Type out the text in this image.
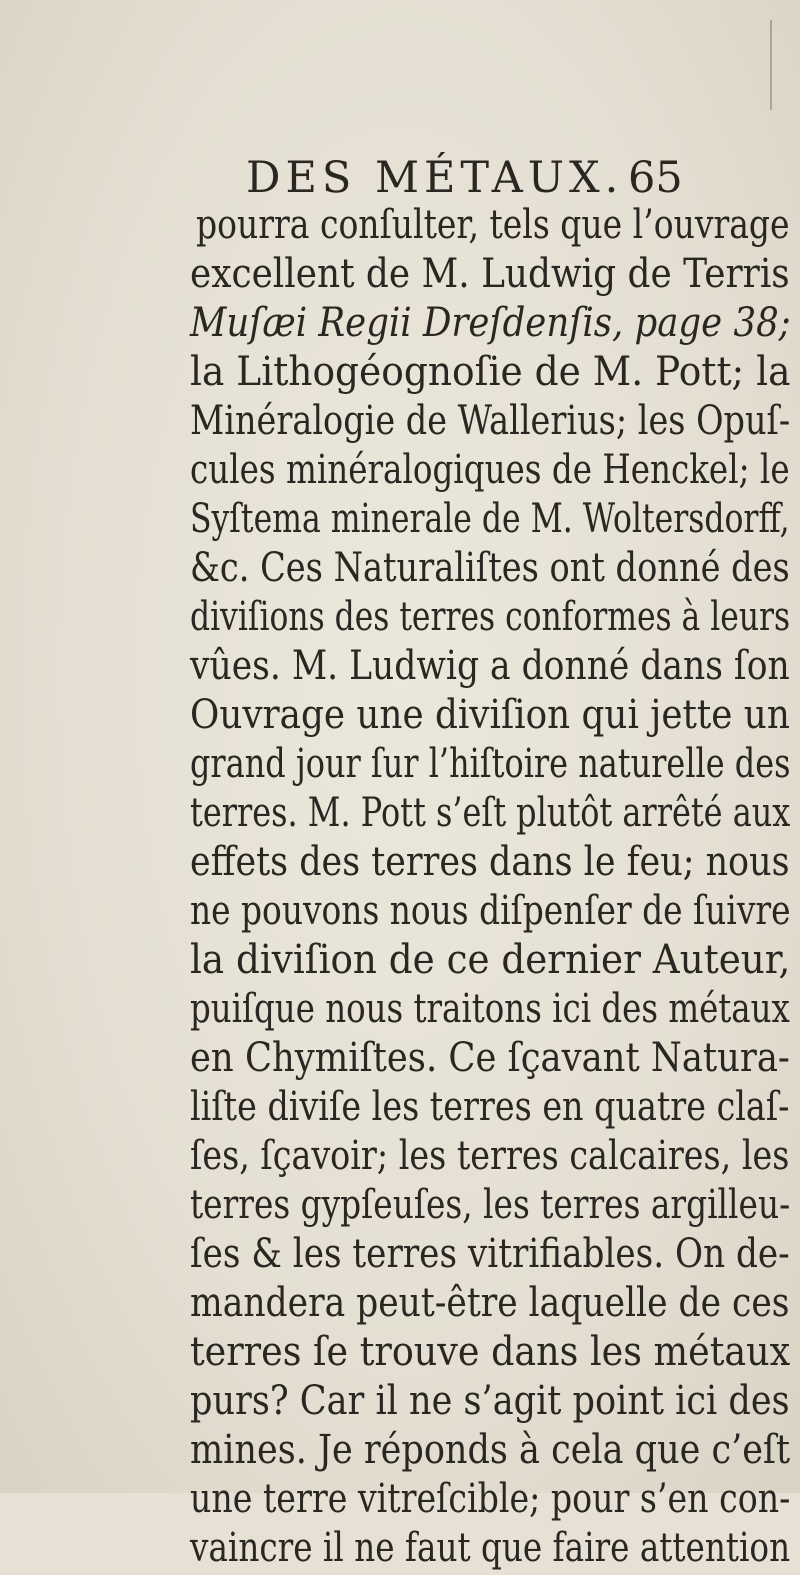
DES MÉTAUX. 65
pourra conſulter, tels que l’ouvrage
excellent de M. Ludwig de Terris
Muſæi Regii Dreſdenſis, page 38;
la Lithogéognoſie de M. Pott; la
Minéralogie de Wallerius; les Opuſ-
cules minéralogiques de Henckel; le
Syſtema minerale de M. Woltersdorff,
&c. Ces Naturaliſtes ont donné des
diviſions des terres conformes à leurs
vûes. M. Ludwig a donné dans ſon
Ouvrage une diviſion qui jette un
grand jour ſur l’hiſtoire naturelle des
terres. M. Pott s’eſt plutôt arrêté aux
effets des terres dans le feu; nous
ne pouvons nous diſpenſer de ſuivre
la diviſion de ce dernier Auteur,
puiſque nous traitons ici des métaux
en Chymiſtes. Ce ſçavant Natura-
liſte diviſe les terres en quatre claſ-
ſes, ſçavoir; les terres calcaires, les
terres gypſeuſes, les terres argilleu-
ſes & les terres vitrifiables. On de-
mandera peut-être laquelle de ces
terres ſe trouve dans les métaux
purs? Car il ne s’agit point ici des
mines. Je réponds à cela que c’eſt
une terre vitreſcible; pour s’en con-
vaincre il ne faut que faire attention
